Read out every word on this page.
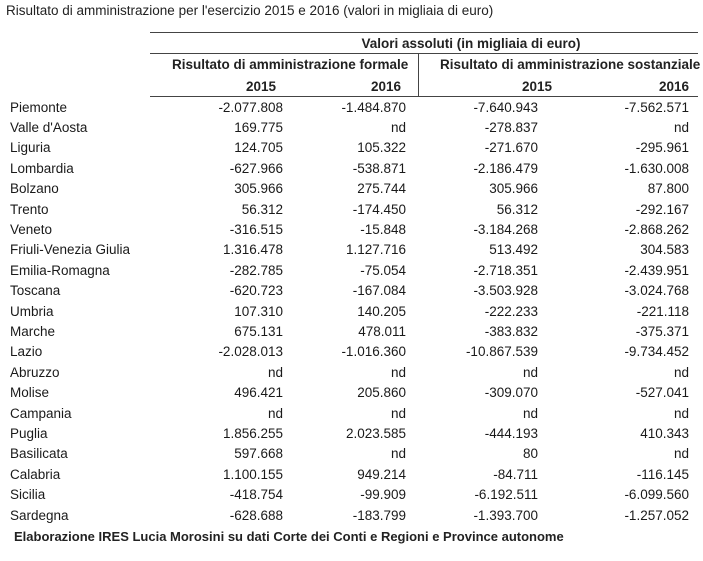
Risultato di amministrazione per l'esercizio 2015 e 2016 (valori in migliaia di euro)
Valori assoluti (in migliaia di euro)
Risultato di amministrazione formale Risultato di amministrazione sostanziale
2015	2016	2015	2016
Piemonte	-2.077.808	-1.484.870	-7.640.943	-7.562.571
Valle d'Aosta	169.775	nd	-278.837	nd
Liguria	124.705	105.322	-271.670	-295.961
Lombardia	-627.966	-538.871	-2.186.479	-1.630.008
Bolzano	305.966	275.744	305.966	87.800
Trento	56.312	-174.450	56.312	-292.167
Veneto	-316.515	-15.848	-3.184.268	-2.868.262
Friuli-Venezia Giulia	1.316.478	1.127.716	513.492	304.583
Emilia-Romagna	-282.785	-75.054	-2.718.351	-2.439.951
Toscana	-620.723	-167.084	-3.503.928	-3.024.768
Umbria	107.310	140.205	-222.233	-221.118
Marche	675.131	478.011	-383.832	-375.371
Lazio	-2.028.013	-1.016.360	-10.867.539	-9.734.452
Abruzzo	nd	nd	nd	nd
Molise	496.421	205.860	-309.070	-527.041
Campania	nd	nd	nd	nd
Puglia	1.856.255	2.023.585	-444.193	410.343
Basilicata	597.668	nd	80	nd
Calabria	1.100.155	949.214	-84.711	-116.145
Sicilia	-418.754	-99.909	-6.192.511	-6.099.560
Sardegna	-628.688	-183.799	-1.393.700	-1.257.052
Elaborazione IRES Lucia Morosini su dati Corte dei Conti e Regioni e Province autonome
